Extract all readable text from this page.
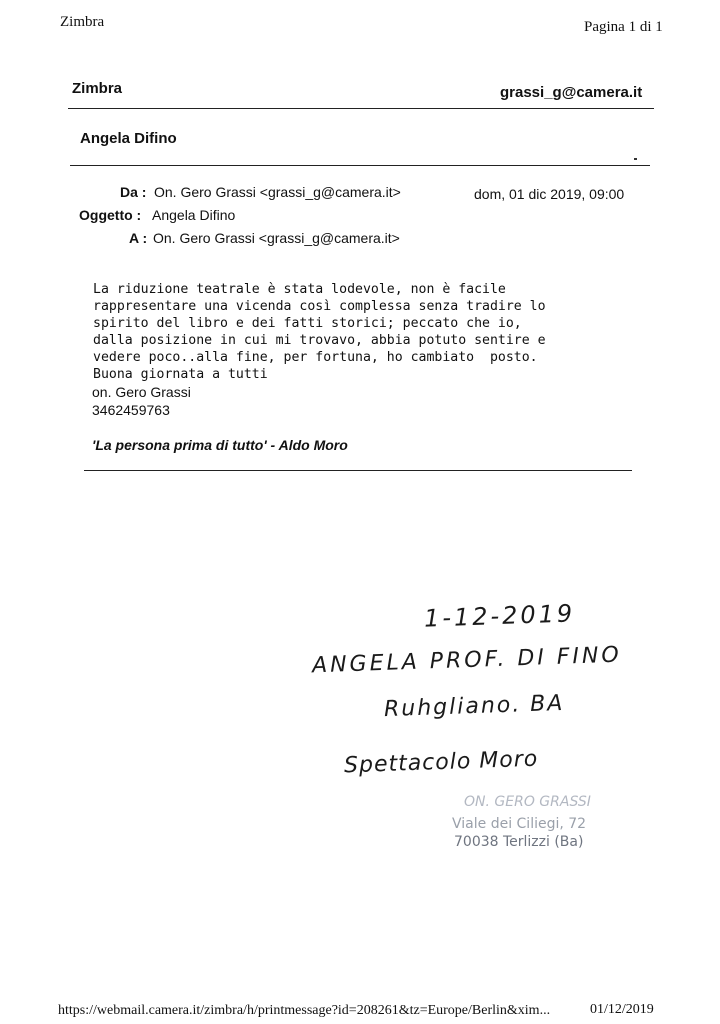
Zimbra	Pagina 1 di 1
Zimbra	grassi_g@camera.it
Angela Difino
Da : On. Gero Grassi <grassi_g@camera.it>	dom, 01 dic 2019, 09:00
Oggetto : Angela Difino
A : On. Gero Grassi <grassi_g@camera.it>

La riduzione teatrale è stata lodevole, non è facile
rappresentare una vicenda così complessa senza tradire lo
spirito del libro e dei fatti storici; peccato che io,
dalla posizione in cui mi trovavo, abbia potuto sentire e
vedere poco..alla fine, per fortuna, ho cambiato  posto.
Buona giornata a tutti

on. Gero Grassi
3462459763
'La persona prima di tutto' - Aldo Moro
1-12-2019
ANGELA PROF. DI FINO
Ruhgliano. BA
Spettacolo Moro
ON. GERO GRASSI
Viale dei Ciliegi, 72
70038 Terlizzi (Ba)
https://webmail.camera.it/zimbra/h/printmessage?id=208261&tz=Europe/Berlin&xim...	01/12/2019
